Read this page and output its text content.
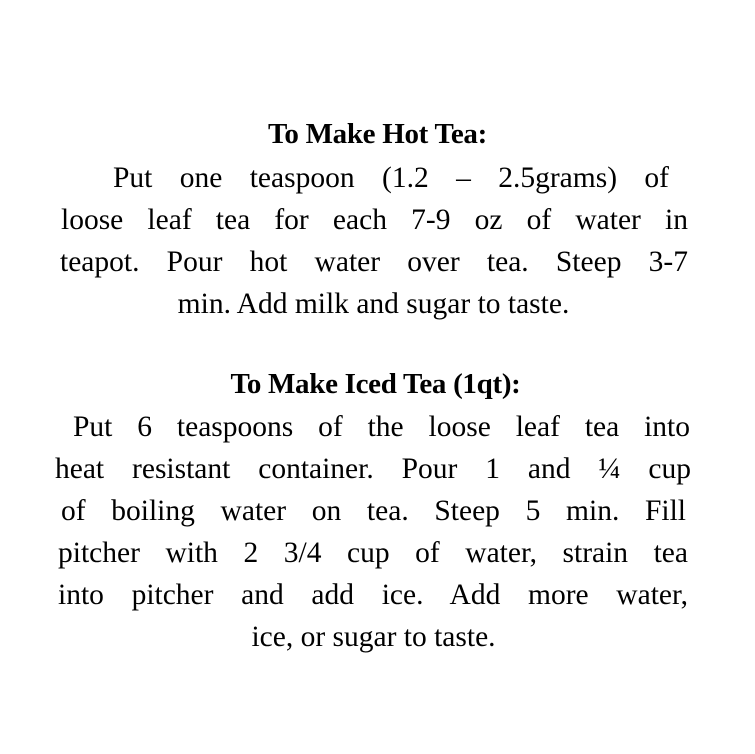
To Make Hot Tea:
Put one teaspoon (1.2 – 2.5grams) of
loose leaf tea for each 7-9 oz of water in
teapot. Pour hot water over tea. Steep 3-7
min. Add milk and sugar to taste.
To Make Iced Tea (1qt):
Put 6 teaspoons of the loose leaf tea into
heat resistant container. Pour 1 and ¼ cup
of boiling water on tea. Steep 5 min. Fill
pitcher with 2 3/4 cup of water, strain tea
into pitcher and add ice. Add more water,
ice, or sugar to taste.
